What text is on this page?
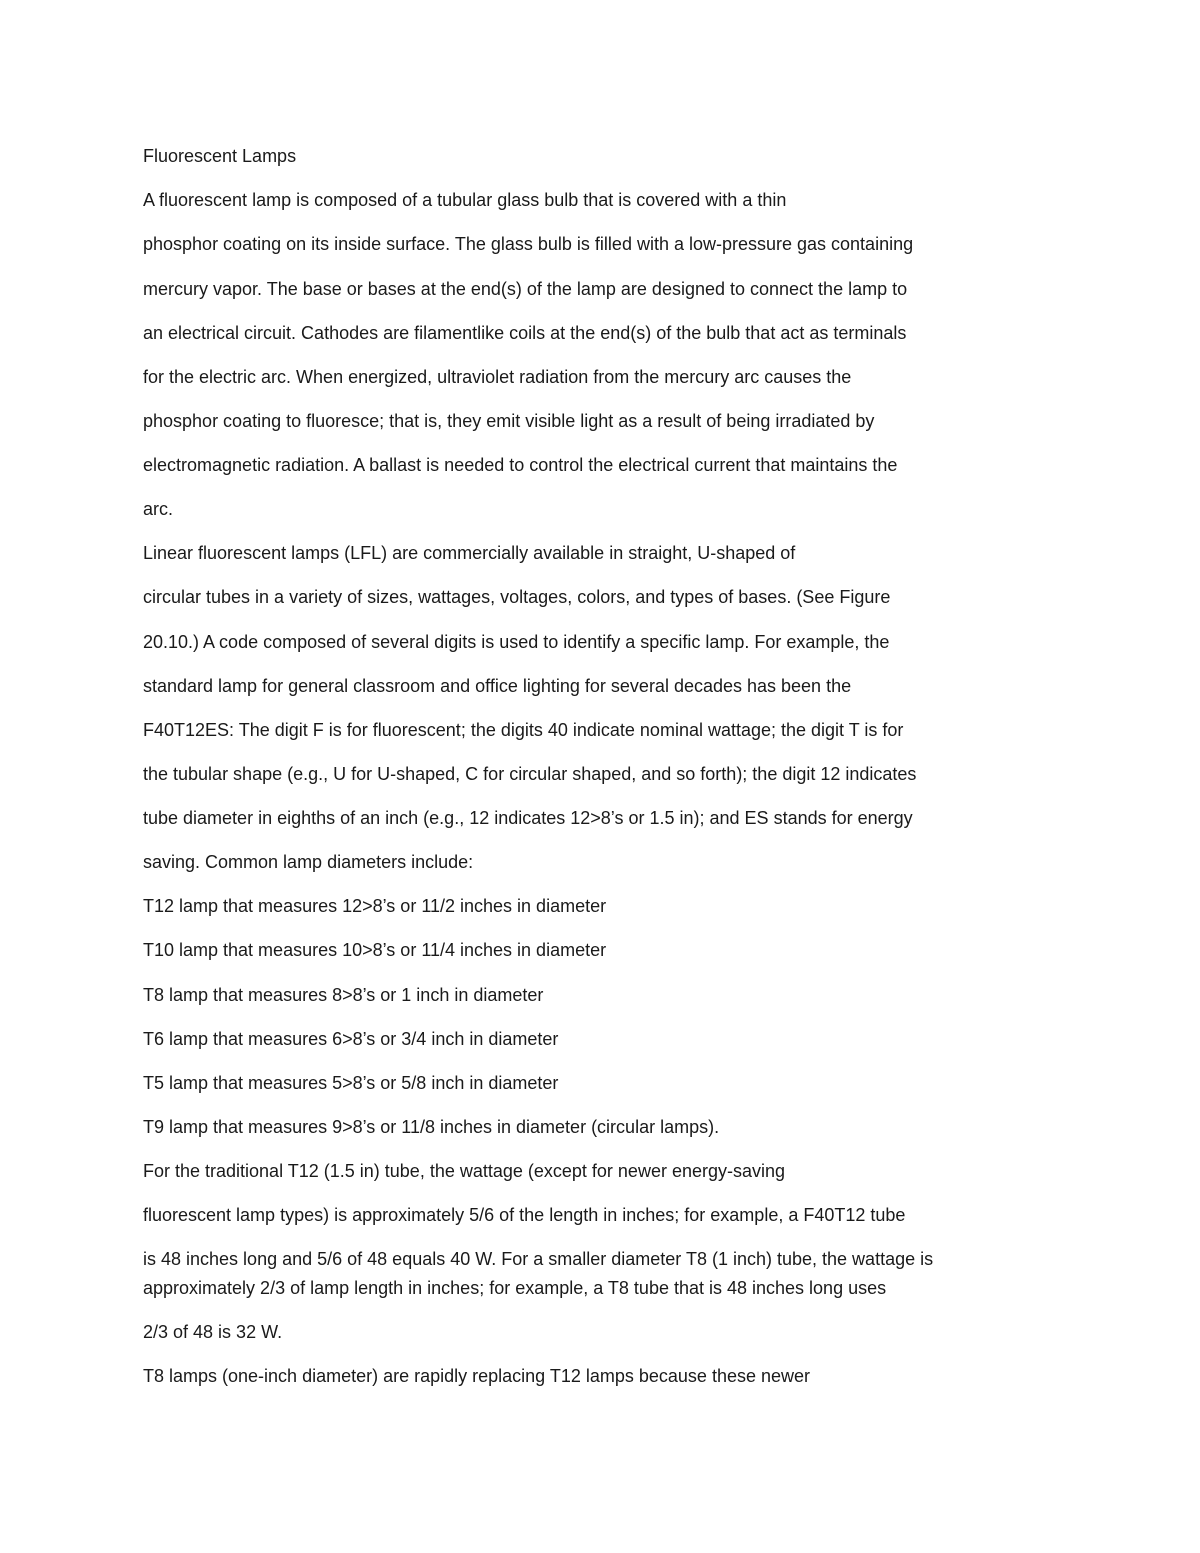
Fluorescent Lamps

A fluorescent lamp is composed of a tubular glass bulb that is covered with a thin

phosphor coating on its inside surface. The glass bulb is filled with a low-pressure gas containing

mercury vapor. The base or bases at the end(s) of the lamp are designed to connect the lamp to

an electrical circuit. Cathodes are filamentlike coils at the end(s) of the bulb that act as terminals

for the electric arc. When energized, ultraviolet radiation from the mercury arc causes the

phosphor coating to fluoresce; that is, they emit visible light as a result of being irradiated by

electromagnetic radiation. A ballast is needed to control the electrical current that maintains the

arc.

Linear fluorescent lamps (LFL) are commercially available in straight, U-shaped of

circular tubes in a variety of sizes, wattages, voltages, colors, and types of bases. (See Figure

20.10.) A code composed of several digits is used to identify a specific lamp. For example, the

standard lamp for general classroom and office lighting for several decades has been the

F40T12ES: The digit F is for fluorescent; the digits 40 indicate nominal wattage; the digit T is for

the tubular shape (e.g., U for U-shaped, C for circular shaped, and so forth); the digit 12 indicates

tube diameter in eighths of an inch (e.g., 12 indicates 12>8’s or 1.5 in); and ES stands for energy

saving. Common lamp diameters include:

T12 lamp that measures 12>8’s or 11/2 inches in diameter

T10 lamp that measures 10>8’s or 11/4 inches in diameter

T8 lamp that measures 8>8’s or 1 inch in diameter

T6 lamp that measures 6>8’s or 3/4 inch in diameter

T5 lamp that measures 5>8’s or 5/8 inch in diameter

T9 lamp that measures 9>8’s or 11/8 inches in diameter (circular lamps).

For the traditional T12 (1.5 in) tube, the wattage (except for newer energy-saving

fluorescent lamp types) is approximately 5/6 of the length in inches; for example, a F40T12 tube

is 48 inches long and 5/6 of 48 equals 40 W. For a smaller diameter T8 (1 inch) tube, the wattage is

approximately 2/3 of lamp length in inches; for example, a T8 tube that is 48 inches long uses

2/3 of 48 is 32 W.

T8 lamps (one-inch diameter) are rapidly replacing T12 lamps because these newer
